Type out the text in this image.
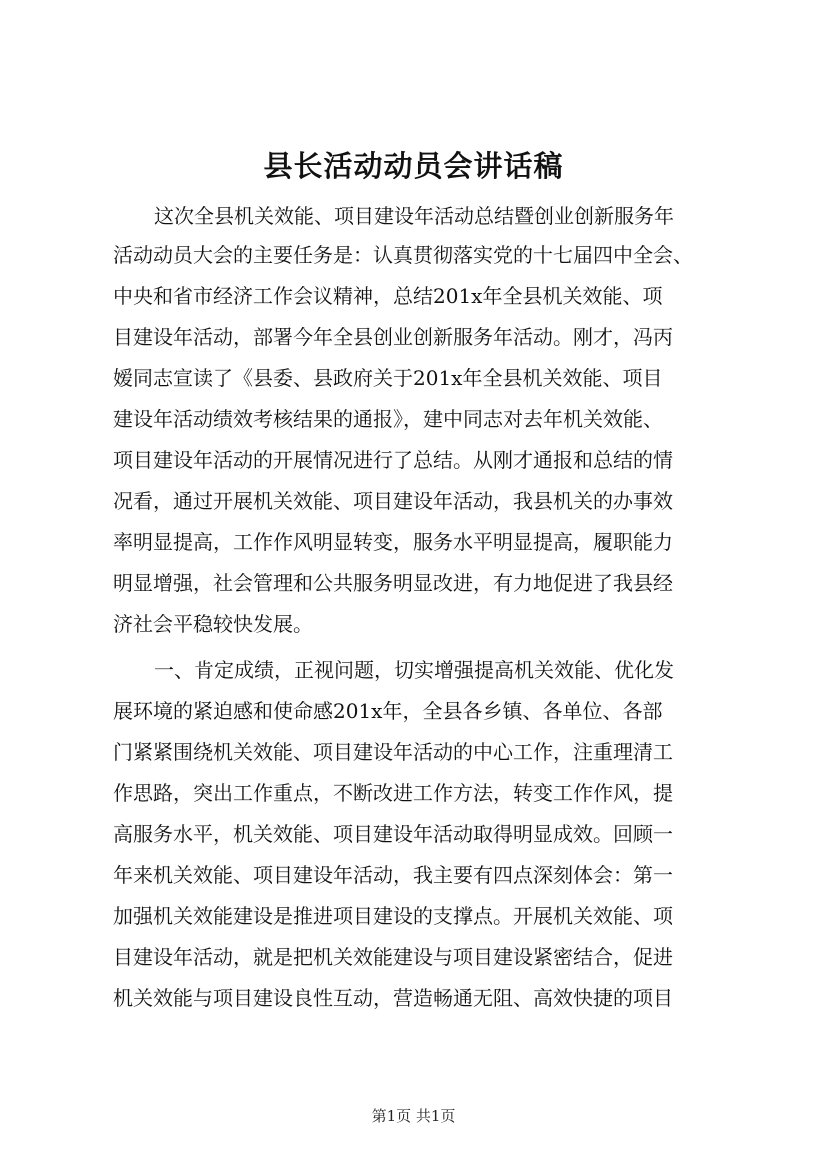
县长活动动员会讲话稿
这次全县机关效能、项目建设年活动总结暨创业创新服务年
活动动员大会的主要任务是：认真贯彻落实党的十七届四中全会、
中央和省市经济工作会议精神，总结201x年全县机关效能、项
目建设年活动，部署今年全县创业创新服务年活动。刚才，冯丙
嫒同志宣读了《县委、县政府关于201x年全县机关效能、项目
建设年活动绩效考核结果的通报》，建中同志对去年机关效能、
项目建设年活动的开展情况进行了总结。从刚才通报和总结的情
况看，通过开展机关效能、项目建设年活动，我县机关的办事效
率明显提高，工作作风明显转变，服务水平明显提高，履职能力
明显增强，社会管理和公共服务明显改进，有力地促进了我县经
济社会平稳较快发展。
一、肯定成绩，正视问题，切实增强提高机关效能、优化发
展环境的紧迫感和使命感201x年，全县各乡镇、各单位、各部
门紧紧围绕机关效能、项目建设年活动的中心工作，注重理清工
作思路，突出工作重点，不断改进工作方法，转变工作作风，提
高服务水平，机关效能、项目建设年活动取得明显成效。回顾一
年来机关效能、项目建设年活动，我主要有四点深刻体会：第一
加强机关效能建设是推进项目建设的支撑点。开展机关效能、项
目建设年活动，就是把机关效能建设与项目建设紧密结合，促进
机关效能与项目建设良性互动，营造畅通无阻、高效快捷的项目
第1页 共1页
